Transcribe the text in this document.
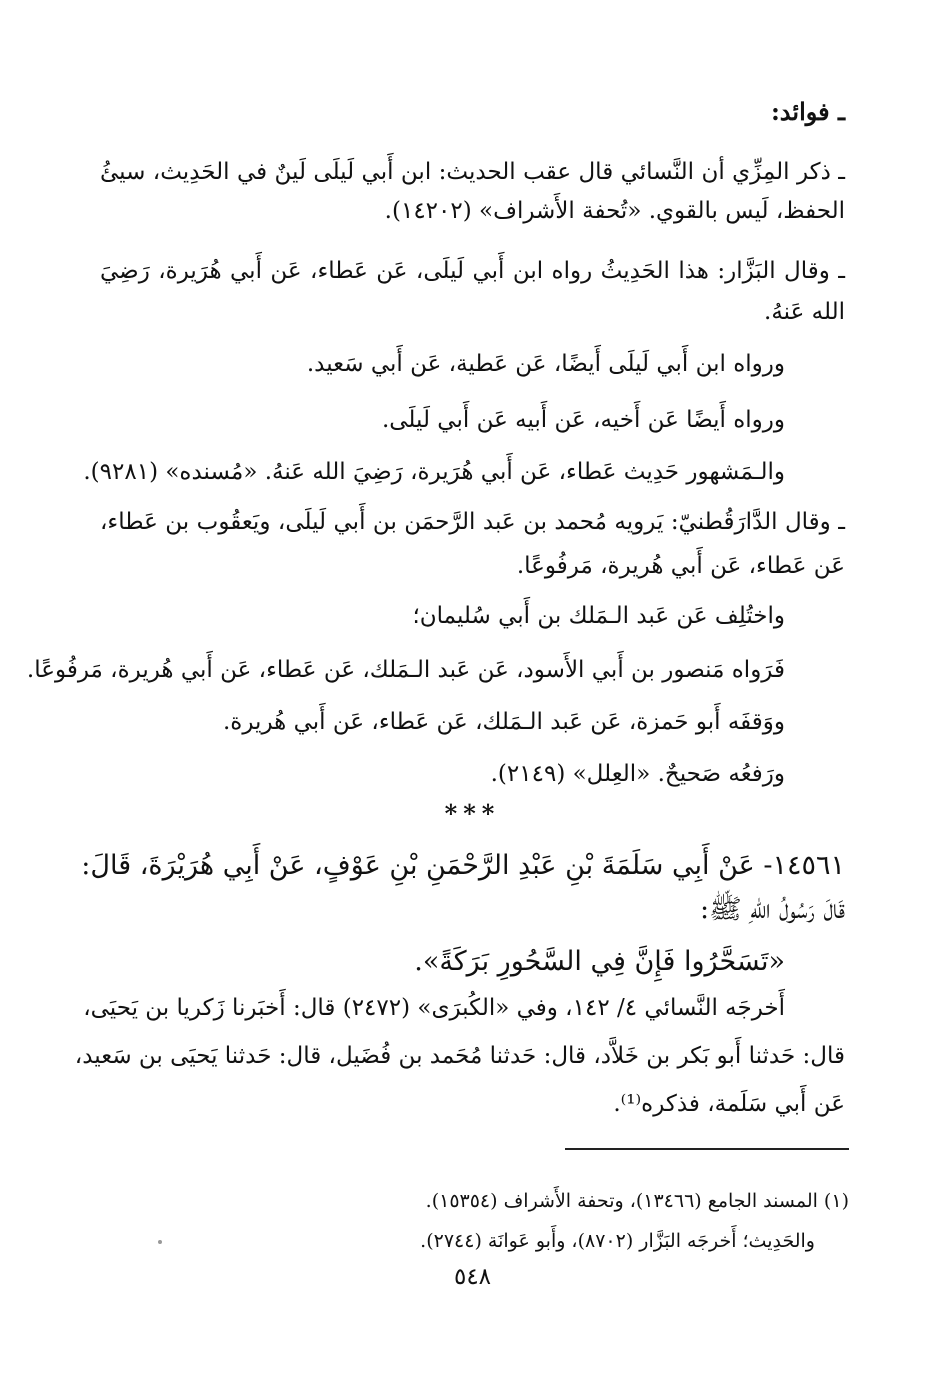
ـ فوائد:

ـ ذكر المِزِّي أن النَّسائي قال عقب الحديث: ابن أَبي لَيلَى لَينٌ في الحَدِيث، سيئُ

الحفظ، لَيس بالقوي. «تُحفة الأَشراف» (١٤٢٠٢).

ـ وقال البَزَّار: هذا الحَدِيثُ رواه ابن أَبي لَيلَى، عَن عَطاء، عَن أَبي هُرَيرة، رَضِيَ

الله عَنهُ.

ورواه ابن أَبي لَيلَى أَيضًا، عَن عَطية، عَن أَبي سَعيد.

ورواه أَيضًا عَن أَخيه، عَن أَبيه عَن أَبي لَيلَى.

والـمَشهور حَدِيث عَطاء، عَن أَبي هُرَيرة، رَضِيَ الله عَنهُ. «مُسنده» (٩٢٨١).

ـ وقال الدَّارَقُطنيّ: يَرويه مُحمد بن عَبد الرَّحمَن بن أَبي لَيلَى، ويَعقُوب بن عَطاء،

عَن عَطاء، عَن أَبي هُريرة، مَرفُوعًا.

واختُلِف عَن عَبد الـمَلك بن أَبي سُليمان؛

فَرَواه مَنصور بن أَبي الأَسود، عَن عَبد الـمَلك، عَن عَطاء، عَن أَبي هُريرة، مَرفُوعًا.

ووَقفَه أَبو حَمزة، عَن عَبد الـمَلك، عَن عَطاء، عَن أَبي هُريرة.

ورَفعُه صَحيحٌ. «العِلل» (٢١٤٩).

***

١٤٥٦١- عَنْ أَبِي سَلَمَةَ بْنِ عَبْدِ الرَّحْمَنِ بْنِ عَوْفٍ، عَنْ أَبِي هُرَيْرَةَ، قَالَ:

قَالَ رَسُولُ اللهِ ﷺ:

«تَسَحَّرُوا فَإِنَّ فِي السَّحُورِ بَرَكَةً».

أَخرجَه النَّسائي ٤/ ١٤٢، وفي «الكُبرَى» (٢٤٧٢) قال: أَخبَرنا زَكريا بن يَحيَى،

قال: حَدثنا أَبو بَكر بن خَلاَّد، قال: حَدثنا مُحَمد بن فُضَيل، قال: حَدثنا يَحيَى بن سَعيد،

عَن أَبي سَلَمة، فذكره⁽¹⁾.

(١) المسند الجامع (١٣٤٦٦)، وتحفة الأَشراف (١٥٣٥٤).

والحَدِيث؛ أَخرجَه البَزَّار (٨٧٠٢)، وأَبو عَوانَة (٢٧٤٤).

٥٤٨
